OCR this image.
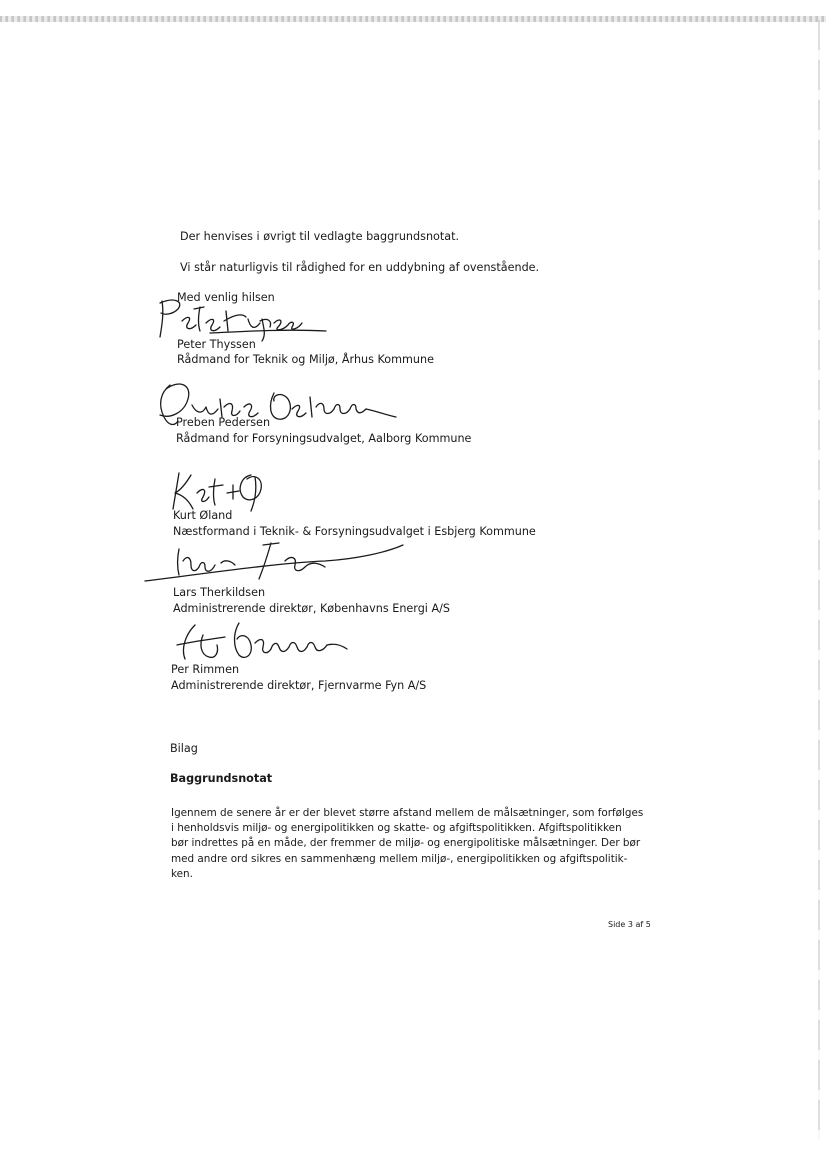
Der henvises i øvrigt til vedlagte baggrundsnotat.
Vi står naturligvis til rådighed for en uddybning af ovenstående.
Med venlig hilsen
Peter Thyssen
Rådmand for Teknik og Miljø, Århus Kommune
Preben Pedersen
Rådmand for Forsyningsudvalget, Aalborg Kommune
Kurt Øland
Næstformand i Teknik- & Forsyningsudvalget i Esbjerg Kommune
Lars Therkildsen
Administrerende direktør, Københavns Energi A/S
Per Rimmen
Administrerende direktør, Fjernvarme Fyn A/S
Bilag
Baggrundsnotat
Igennem de senere år er der blevet større afstand mellem de målsætninger, som forfølges
i henholdsvis miljø- og energipolitikken og skatte- og afgiftspolitikken. Afgiftspolitikken
bør indrettes på en måde, der fremmer de miljø- og energipolitiske målsætninger. Der bør
med andre ord sikres en sammenhæng mellem miljø-, energipolitikken og afgiftspolitik-
ken.
Side 3 af 5
